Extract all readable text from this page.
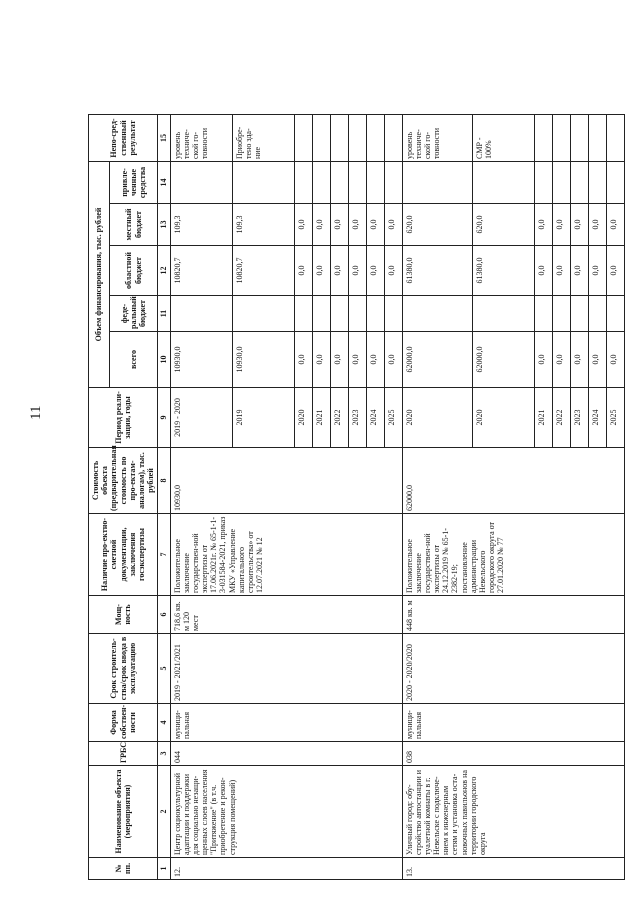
11
№ пп.	Наименование объекта (мероприятия)	ГРБС	Форма собствен-ности	Срок строитель-ства/срок ввода в эксплуатацию	Мощ-ность	Наличие про-ектно-сметной документации, заключения госэкспертизы	Стоимость объекта (предварительная стоимость по про-ектам-аналогам), тыс. рублей	Период реали-зации, годы	Объем финансирования, тыс. рублей					Непо-сред-ственный результат
									всего	феде-ральный бюджет	областной бюджет	местный бюджет	привле-ченные средства	
1	2	3	4	5	6	7	8	9	10	11	12	13	14	15
12.	Центр социокультурной адаптации и поддержки для социально незащи-щенных слоев населения "Притяжение" (в т.ч. приобретение и рекон-струкция помещений)	044	муници-пальная	2019 - 2021/2021	718,6 кв. м 120 мест	Положительное заключение государствен-ной экспертизы от 17.06.2021г. № 65-1-1-3-031584-2021, приказ МКУ «Управление капитального строительства» от 12.07.2021 № 12	10930,0	2019 - 2020	10930,0		10820,7	109,3		уровень техниче-ской го-товности
								2019	10930,0		10820,7	109,3		Приобре-тено зда-ние
								2020	0,0		0,0	0,0		
								2021	0,0		0,0	0,0		
								2022	0,0		0,0	0,0		
								2023	0,0		0,0	0,0		
								2024	0,0		0,0	0,0		
								2025	0,0		0,0	0,0		
13.	Уличный город: обу-стройство автостанции и туалетной комнаты в г. Невельске с подключе-нием к инженерным сетям и установка оста-новочных павильонов на территории городского округа	038	муници-пальная	2020 - 2020/2020	448 кв. м	Положительное заключение государствен-ной экспертизы от 24.12.2019 № 65-1-2382-19; постановление администрации Невельского городского округа от 27.01.2020 № 77	62000,0	2020	62000,0		61380,0	620,0		уровень техниче-ской го-товности
								2020	62000,0		61380,0	620,0		СМР - 100%
								2021	0,0		0,0	0,0		
								2022	0,0		0,0	0,0		
								2023	0,0		0,0	0,0		
								2024	0,0		0,0	0,0		
								2025	0,0		0,0	0,0		
